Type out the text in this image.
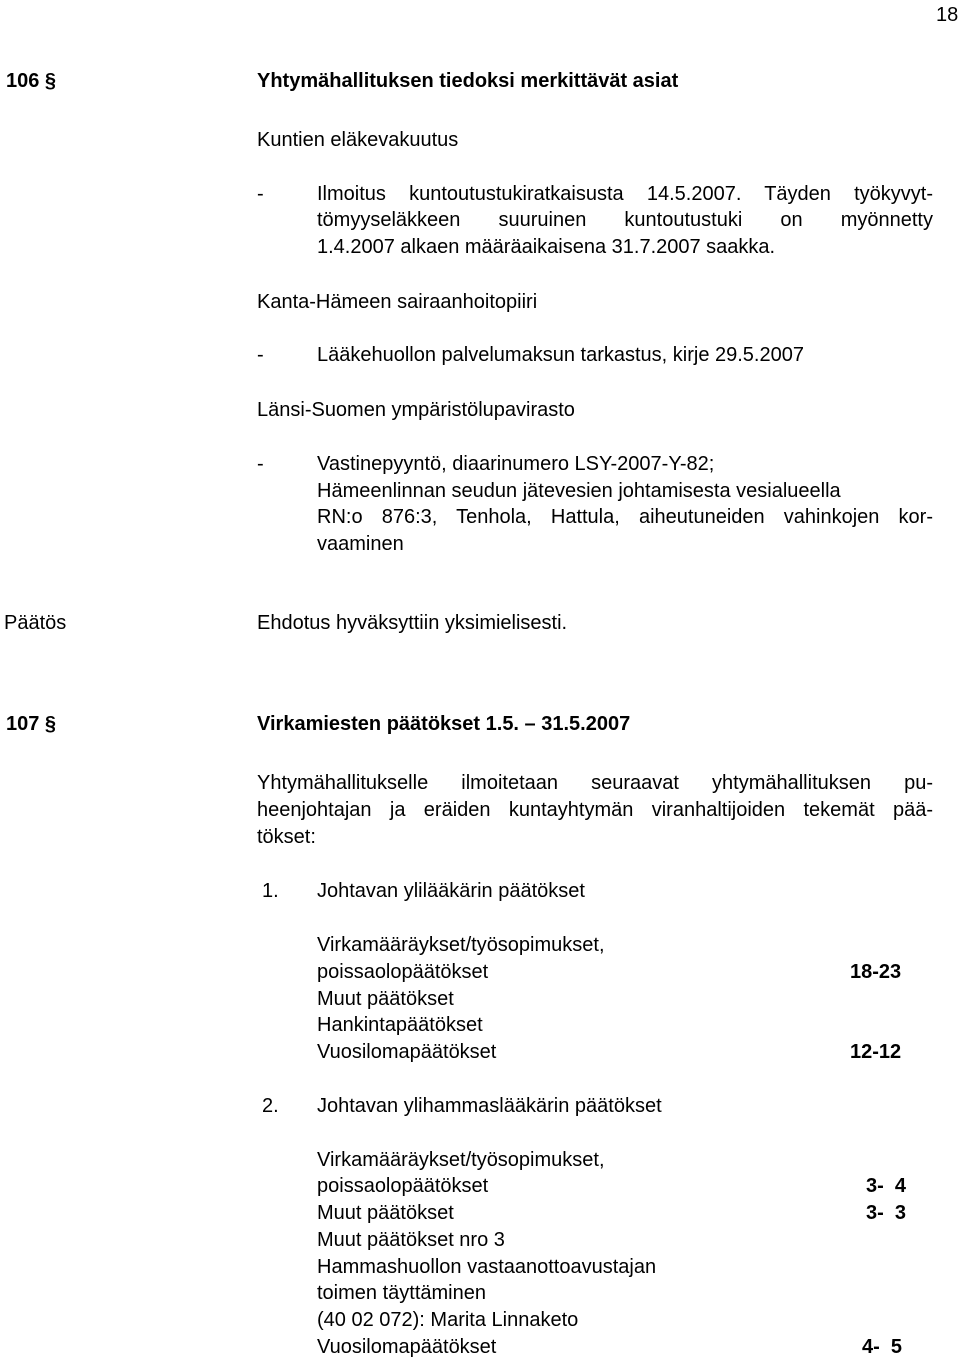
18
106 §	Yhtymähallituksen tiedoksi merkittävät asiat
Kuntien eläkevakuutus
-	Ilmoitus kuntoutustukiratkaisusta 14.5.2007. Täyden työkyvyt-
tömyyseläkkeen suuruinen kuntoutustuki on myönnetty
1.4.2007 alkaen määräaikaisena 31.7.2007 saakka.
Kanta-Hämeen sairaanhoitopiiri
-	Lääkehuollon palvelumaksun tarkastus, kirje 29.5.2007
Länsi-Suomen ympäristölupavirasto
-	Vastinepyyntö, diaarinumero LSY-2007-Y-82;
Hämeenlinnan seudun jätevesien johtamisesta vesialueella
RN:o 876:3, Tenhola, Hattula, aiheutuneiden vahinkojen kor-
vaaminen
Päätös	Ehdotus hyväksyttiin yksimielisesti.
107 §	Virkamiesten päätökset 1.5. – 31.5.2007
Yhtymähallitukselle ilmoitetaan seuraavat yhtymähallituksen pu-
heenjohtajan ja eräiden kuntayhtymän viranhaltijoiden tekemät pää-
tökset:
1. Johtavan ylilääkärin päätökset
Virkamääräykset/työsopimukset,
poissaolopäätökset	18-23
Muut päätökset
Hankintapäätökset
Vuosilomapäätökset	12-12
2. Johtavan ylihammaslääkärin päätökset
Virkamääräykset/työsopimukset,
poissaolopäätökset	3-  4
Muut päätökset	3-  3
Muut päätökset nro 3
Hammashuollon vastaanottoavustajan
toimen täyttäminen
(40 02 072): Marita Linnaketo
Vuosilomapäätökset	4-  5
